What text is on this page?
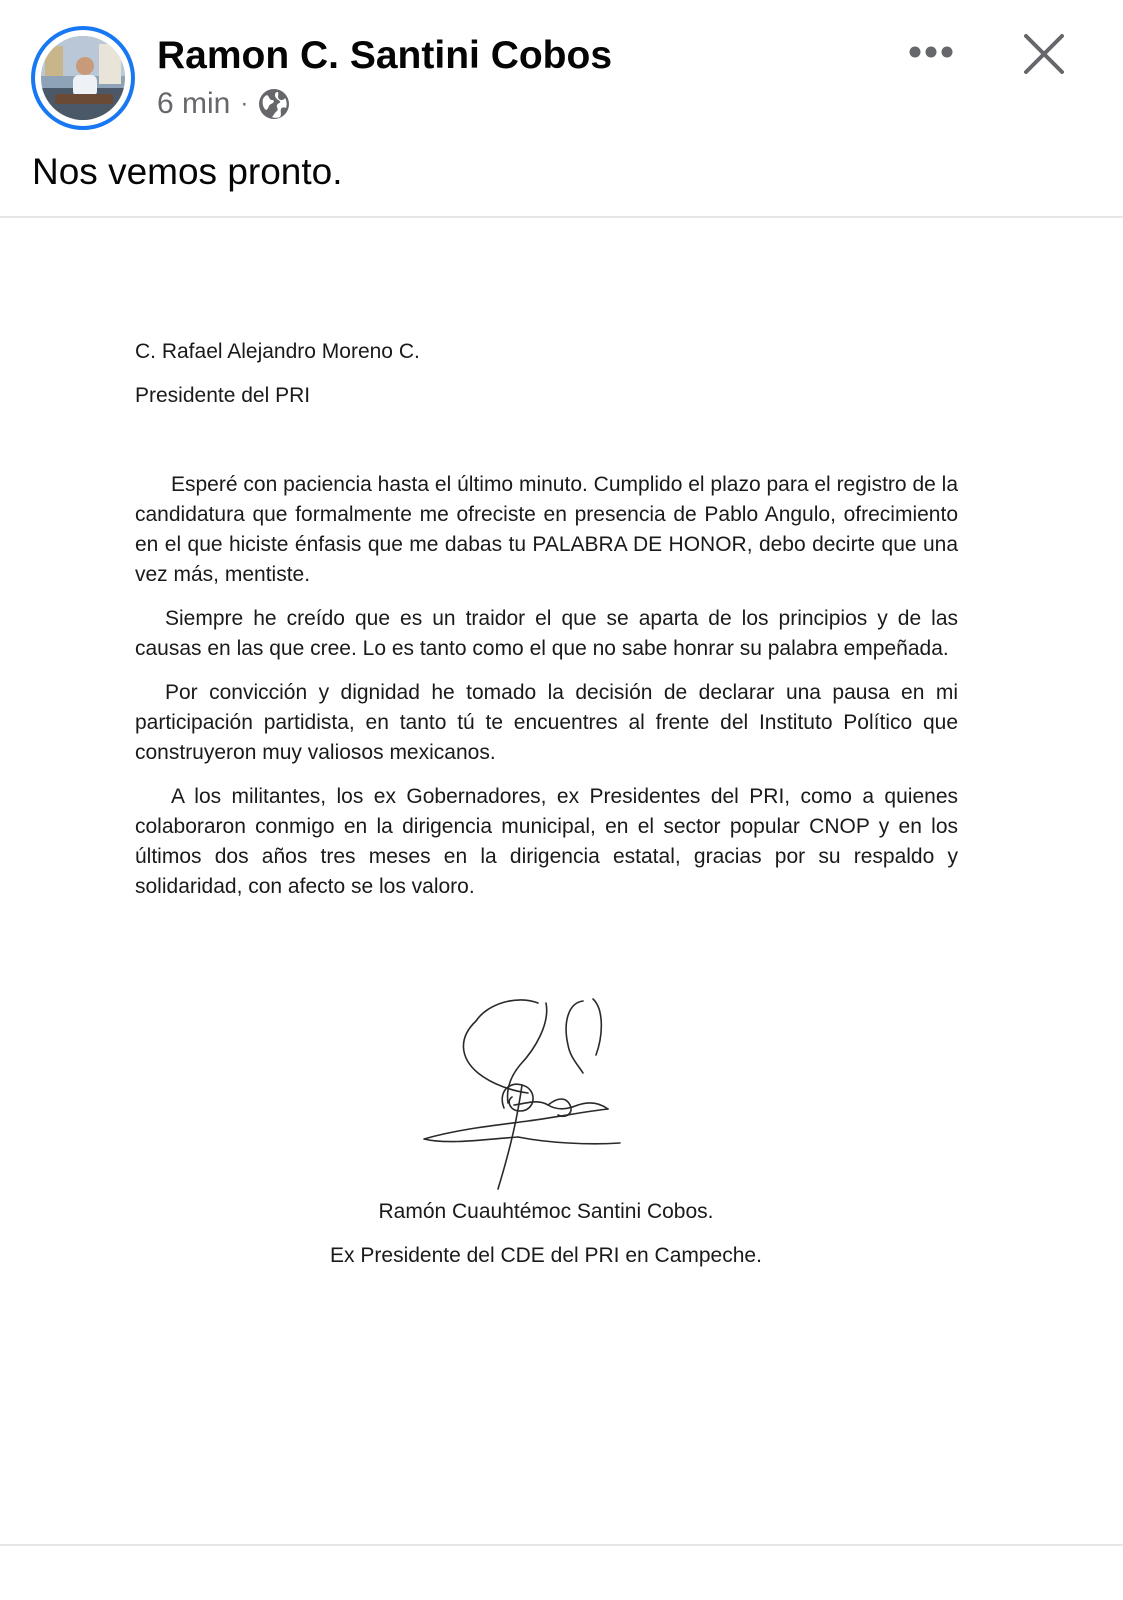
Ramon C. Santini Cobos
6 min ·
Nos vemos pronto.
C. Rafael Alejandro Moreno C.
Presidente del PRI

Esperé con paciencia hasta el último minuto. Cumplido el plazo para el registro de la candidatura que formalmente me ofreciste en presencia de Pablo Angulo, ofrecimiento en el que hiciste énfasis que me dabas tu PALABRA DE HONOR, debo decirte que una vez más, mentiste.

Siempre he creído que es un traidor el que se aparta de los principios y de las causas en las que cree. Lo es tanto como el que no sabe honrar su palabra empeñada.

Por convicción y dignidad he tomado la decisión de declarar una pausa en mi participación partidista, en tanto tú te encuentres al frente del Instituto Político que construyeron muy valiosos mexicanos.

A los militantes, los ex Gobernadores, ex Presidentes del PRI, como a quienes colaboraron conmigo en la dirigencia municipal, en el sector popular CNOP y en los últimos dos años tres meses en la dirigencia estatal, gracias por su respaldo y solidaridad, con afecto se los valoro.

Ramón Cuauhtémoc Santini Cobos.
Ex Presidente del CDE del PRI en Campeche.
